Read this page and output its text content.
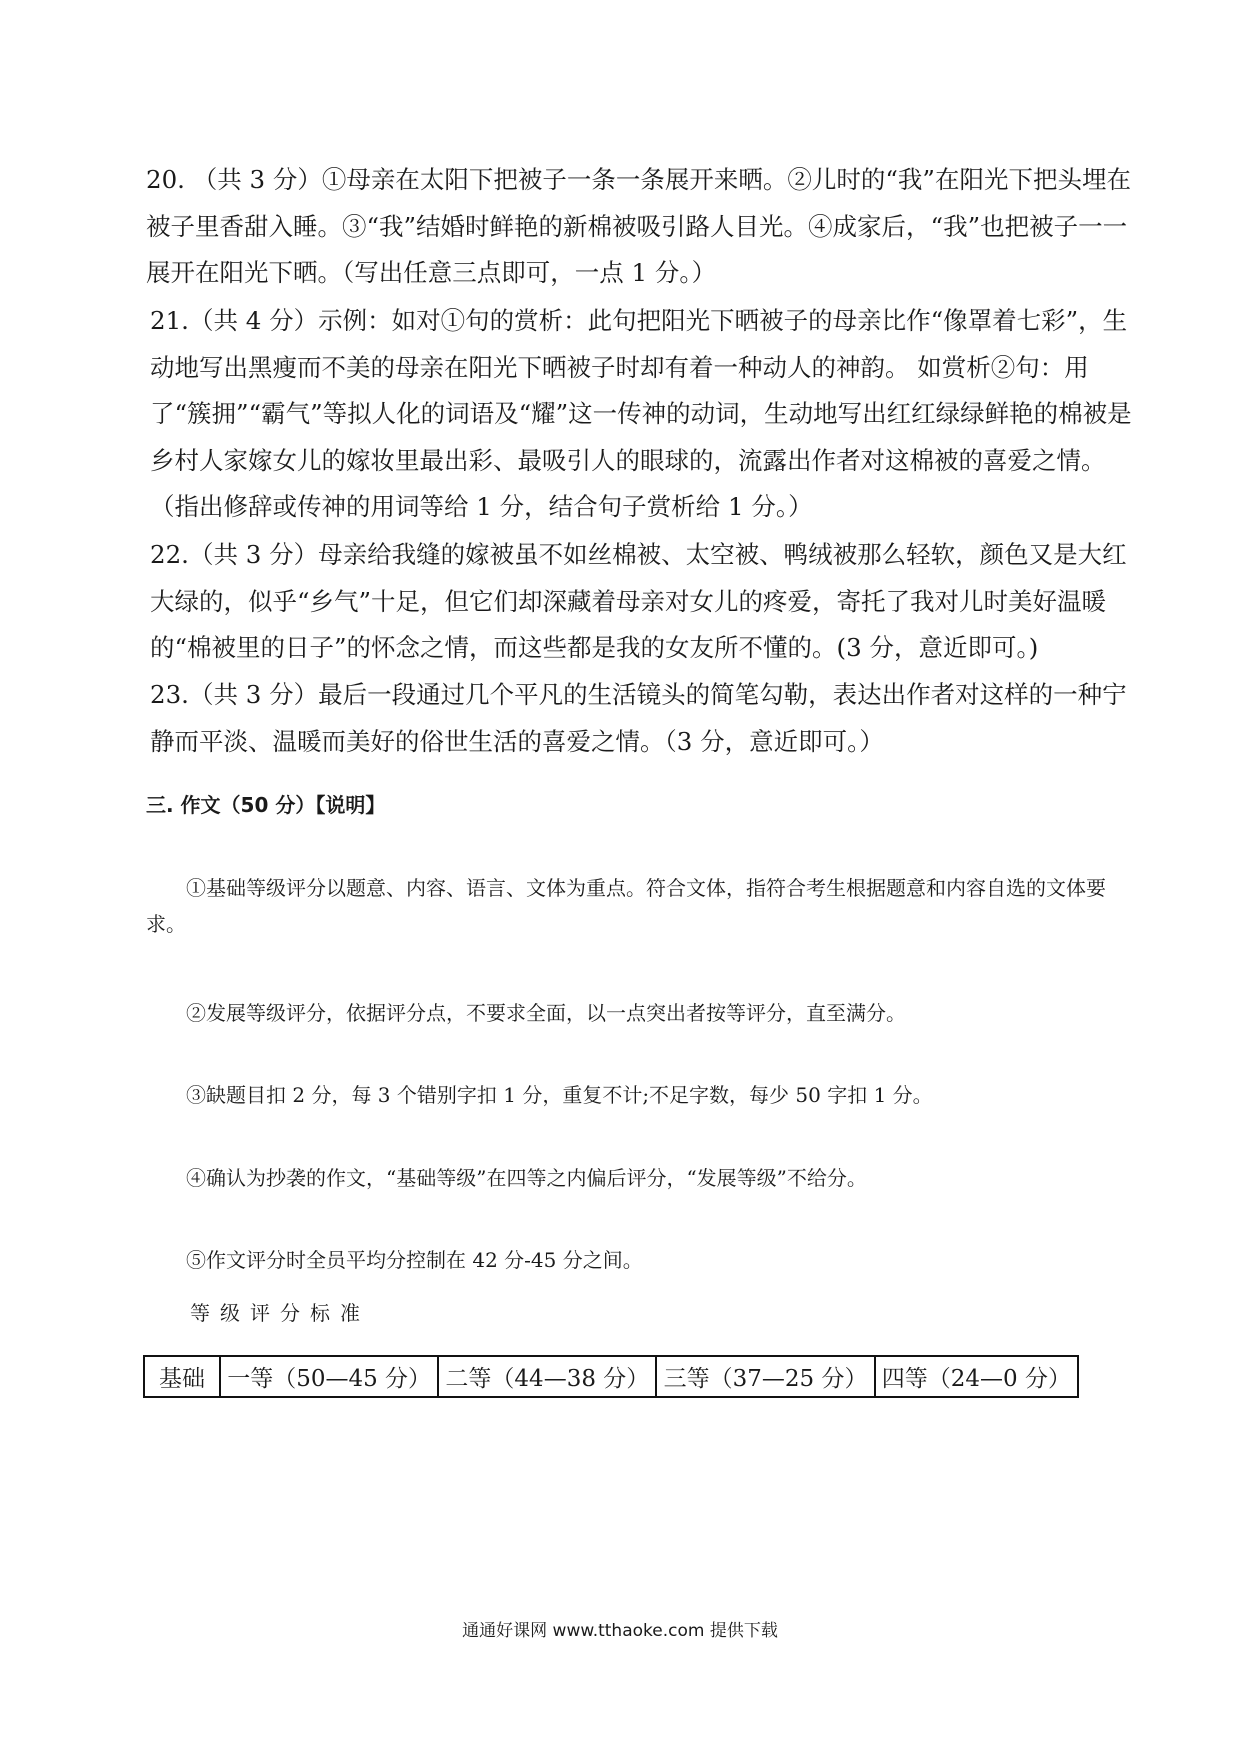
20. （共 3 分）①母亲在太阳下把被子一条一条展开来晒。②儿时的“我”在阳光下把头埋在被子里香甜入睡。③“我”结婚时鲜艳的新棉被吸引路人目光。④成家后，“我”也把被子一一展开在阳光下晒。（写出任意三点即可，一点 1 分。）

21.（共 4 分）示例：如对①句的赏析：此句把阳光下晒被子的母亲比作“像罩着七彩”，生动地写出黑瘦而不美的母亲在阳光下晒被子时却有着一种动人的神韵。 如赏析②句：用了“簇拥”“霸气”等拟人化的词语及“耀”这一传神的动词，生动地写出红红绿绿鲜艳的棉被是乡村人家嫁女儿的嫁妆里最出彩、最吸引人的眼球的，流露出作者对这棉被的喜爱之情。（指出修辞或传神的用词等给 1 分，结合句子赏析给 1 分。）

22.（共 3 分）母亲给我缝的嫁被虽不如丝棉被、太空被、鸭绒被那么轻软，颜色又是大红大绿的，似乎“乡气”十足，但它们却深藏着母亲对女儿的疼爱，寄托了我对儿时美好温暖的“棉被里的日子”的怀念之情，而这些都是我的女友所不懂的。(3 分，意近即可。)

23.（共 3 分）最后一段通过几个平凡的生活镜头的简笔勾勒，表达出作者对这样的一种宁静而平淡、温暖而美好的俗世生活的喜爱之情。（3 分，意近即可。）

三. 作文（50 分）【说明】

①基础等级评分以题意、内容、语言、文体为重点。符合文体，指符合考生根据题意和内容自选的文体要求。

②发展等级评分，依据评分点，不要求全面，以一点突出者按等评分，直至满分。

③缺题目扣 2 分，每 3 个错别字扣 1 分，重复不计;不足字数，每少 50 字扣 1 分。

④确认为抄袭的作文，“基础等级”在四等之内偏后评分，“发展等级”不给分。

⑤作文评分时全员平均分控制在 42 分-45 分之间。

等级评分标准

基础	一等（50—45 分）	二等（44—38 分）	三等（37—25 分）	四等（24—0 分）
通通好课网 www.tthaoke.com 提供下载
